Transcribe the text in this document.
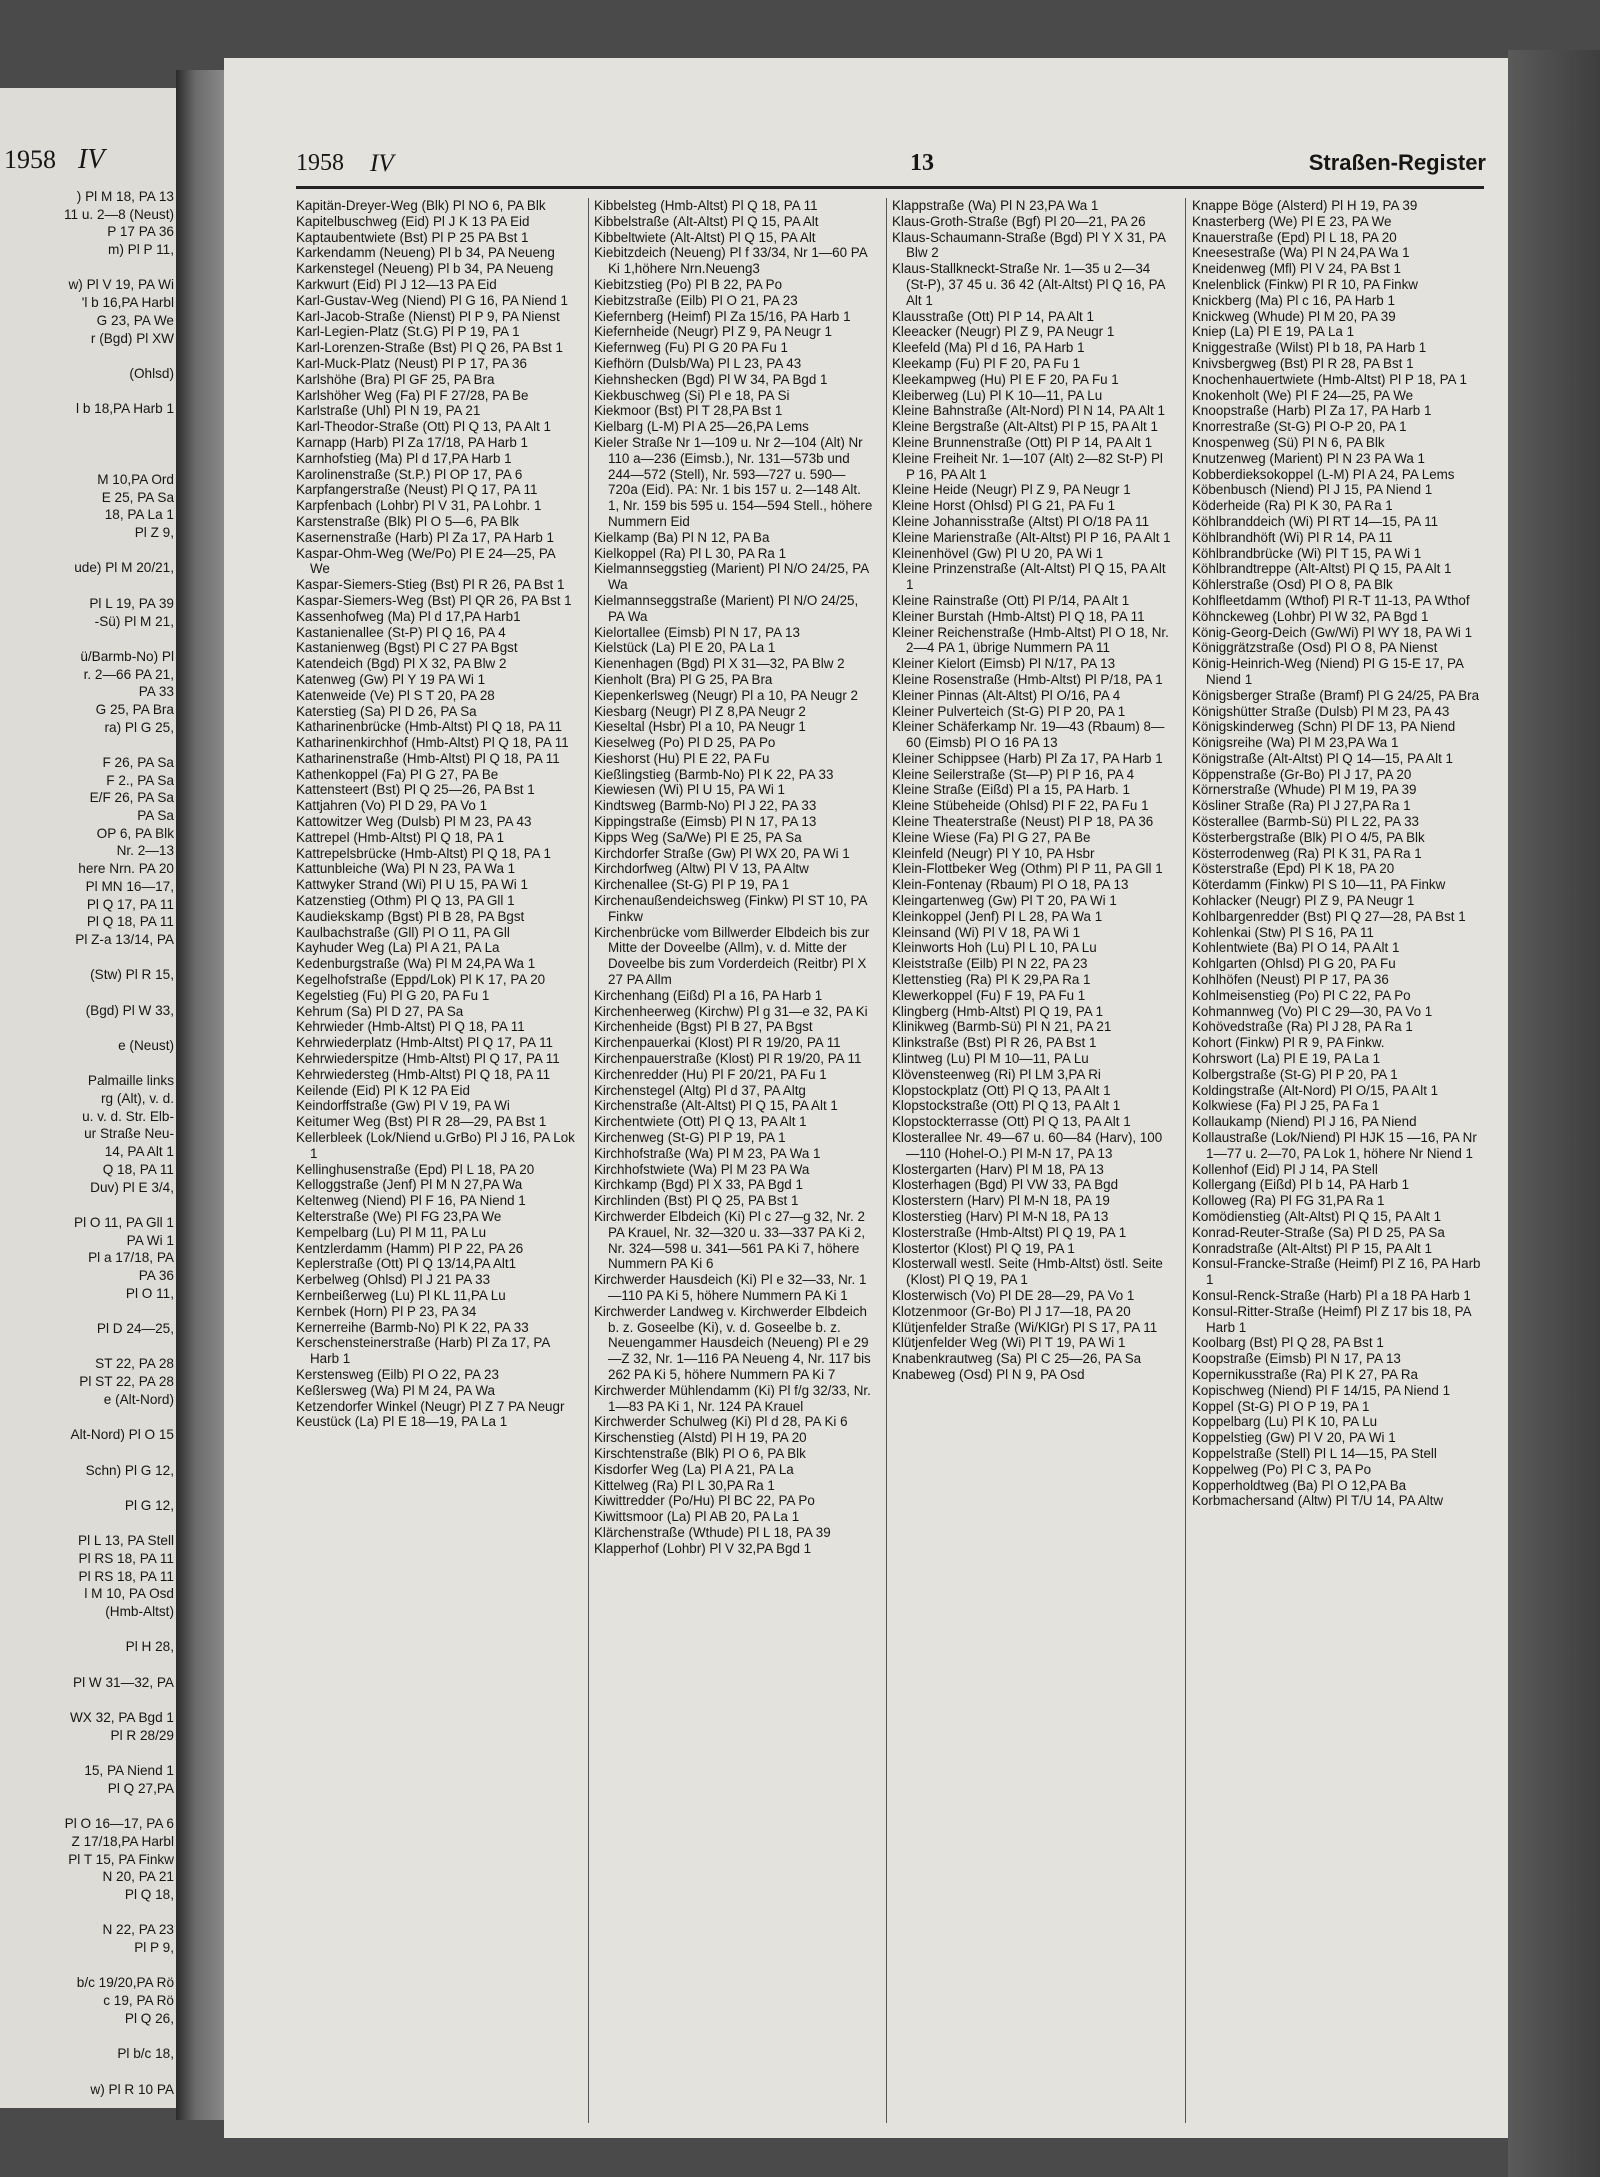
1958 IV
) Pl M 18, PA 13
11 u. 2—8 (Neust)
P 17 PA 36
m) Pl P 11,
w) Pl V 19, PA Wi
'l b 16,PA Harbl
G 23, PA We
r (Bgd) Pl XW
(Ohlsd)
l b 18,PA Harb 1
M 10,PA Ord
E 25, PA Sa
18, PA La 1
Pl Z 9,
ude) Pl M 20/21,
Pl L 19, PA 39
-Sü) Pl M 21,
ü/Barmb-No) Pl
r. 2—66 PA 21,
PA 33
G 25, PA Bra
ra) Pl G 25,
F 26, PA Sa
F 2., PA Sa
E/F 26, PA Sa
PA Sa
OP 6, PA Blk
Nr. 2—13
here Nrn. PA 20
Pl MN 16—17,
Pl Q 17, PA 11
Pl Q 18, PA 11
Pl Z-a 13/14, PA
(Stw) Pl R 15,
(Bgd) Pl W 33,
e (Neust)
Palmaille links
rg (Alt), v. d.
u. v. d. Str. Elb-
ur Straße Neu-
14, PA Alt 1
Q 18, PA 11
Duv) Pl E 3/4,
Pl O 11, PA Gll 1
PA Wi 1
Pl a 17/18, PA
PA 36
Pl O 11,
Pl D 24—25,
ST 22, PA 28
Pl ST 22, PA 28
e (Alt-Nord)
Alt-Nord) Pl O 15
Schn) Pl G 12,
Pl G 12,
Pl L 13, PA Stell
Pl RS 18, PA 11
Pl RS 18, PA 11
l M 10, PA Osd
(Hmb-Altst)
Pl H 28,
Pl W 31—32, PA
WX 32, PA Bgd 1
Pl R 28/29
15, PA Niend 1
Pl Q 27,PA
Pl O 16—17, PA 6
Z 17/18,PA Harbl
Pl T 15, PA Finkw
N 20, PA 21
Pl Q 18,
N 22, PA 23
Pl P 9,
b/c 19/20,PA Rö
c 19, PA Rö
Pl Q 26,
Pl b/c 18,
w) Pl R 10 PA
1958 IV	13	Straßen-Register

Kapitän-Dreyer-Weg (Blk) Pl NO 6, PA Blk

Kapitelbuschweg (Eid) Pl J K 13 PA Eid

Kaptaubentwiete (Bst) Pl P 25 PA Bst 1

Karkendamm (Neueng) Pl b 34, PA Neueng

Karkenstegel (Neueng) Pl b 34, PA Neueng

Karkwurt (Eid) Pl J 12—13 PA Eid

Karl-Gustav-Weg (Niend) Pl G 16, PA Niend 1

Karl-Jacob-Straße (Nienst) Pl P 9, PA Nienst

Karl-Legien-Platz (St.G) Pl P 19, PA 1

Karl-Lorenzen-Straße (Bst) Pl Q 26, PA Bst 1

Karl-Muck-Platz (Neust) Pl P 17, PA 36

Karlshöhe (Bra) Pl GF 25, PA Bra

Karlshöher Weg (Fa) Pl F 27/28, PA Be

Karlstraße (Uhl) Pl N 19, PA 21

Karl-Theodor-Straße (Ott) Pl Q 13, PA Alt 1

Karnapp (Harb) Pl Za 17/18, PA Harb 1

Karnhofstieg (Ma) Pl d 17,PA Harb 1

Karolinenstraße (St.P.) Pl OP 17, PA 6

Karpfangerstraße (Neust) Pl Q 17, PA 11

Karpfenbach (Lohbr) Pl V 31, PA Lohbr. 1

Karstenstraße (Blk) Pl O 5—6, PA Blk

Kasernenstraße (Harb) Pl Za 17, PA Harb 1

Kaspar-Ohm-Weg (We/Po) Pl E 24—25, PA We

Kaspar-Siemers-Stieg (Bst) Pl R 26, PA Bst 1

Kaspar-Siemers-Weg (Bst) Pl QR 26, PA Bst 1

Kassenhofweg (Ma) Pl d 17,PA Harb1

Kastanienallee (St-P) Pl Q 16, PA 4

Kastanienweg (Bgst) Pl C 27 PA Bgst

Katendeich (Bgd) Pl X 32, PA Blw 2

Katenweg (Gw) Pl Y 19 PA Wi 1

Katenweide (Ve) Pl S T 20, PA 28

Katerstieg (Sa) Pl D 26, PA Sa

Katharinenbrücke (Hmb-Altst) Pl Q 18, PA 11

Katharinenkirchhof (Hmb-Altst) Pl Q 18, PA 11

Katharinenstraße (Hmb-Altst) Pl Q 18, PA 11

Kathenkoppel (Fa) Pl G 27, PA Be

Kattensteert (Bst) Pl Q 25—26, PA Bst 1

Kattjahren (Vo) Pl D 29, PA Vo 1

Kattowitzer Weg (Dulsb) Pl M 23, PA 43

Kattrepel (Hmb-Altst) Pl Q 18, PA 1

Kattrepelsbrücke (Hmb-Altst) Pl Q 18, PA 1

Kattunbleiche (Wa) Pl N 23, PA Wa 1

Kattwyker Strand (Wi) Pl U 15, PA Wi 1

Katzenstieg (Othm) Pl Q 13, PA Gll 1

Kaudiekskamp (Bgst) Pl B 28, PA Bgst

Kaulbachstraße (Gll) Pl O 11, PA Gll

Kayhuder Weg (La) Pl A 21, PA La

Kedenburgstraße (Wa) Pl M 24,PA Wa 1

Kegelhofstraße (Eppd/Lok) Pl K 17, PA 20

Kegelstieg (Fu) Pl G 20, PA Fu 1

Kehrum (Sa) Pl D 27, PA Sa

Kehrwieder (Hmb-Altst) Pl Q 18, PA 11

Kehrwiederplatz (Hmb-Altst) Pl Q 17, PA 11

Kehrwiederspitze (Hmb-Altst) Pl Q 17, PA 11

Kehrwiedersteg (Hmb-Altst) Pl Q 18, PA 11

Keilende (Eid) Pl K 12 PA Eid

Keindorffstraße (Gw) Pl V 19, PA Wi

Keitumer Weg (Bst) Pl R 28—29, PA Bst 1

Kellerbleek (Lok/Niend u.GrBo) Pl J 16, PA Lok 1

Kellinghusenstraße (Epd) Pl L 18, PA 20

Kelloggstraße (Jenf) Pl M N 27,PA Wa

Keltenweg (Niend) Pl F 16, PA Niend 1

Kelterstraße (We) Pl FG 23,PA We

Kempelbarg (Lu) Pl M 11, PA Lu

Kentzlerdamm (Hamm) Pl P 22, PA 26

Keplerstraße (Ott) Pl Q 13/14,PA Alt1

Kerbelweg (Ohlsd) Pl J 21 PA 33

Kernbeißerweg (Lu) Pl KL 11,PA Lu

Kernbek (Horn) Pl P 23, PA 34

Kernerreihe (Barmb-No) Pl K 22, PA 33

Kerschensteinerstraße (Harb) Pl Za 17, PA Harb 1

Kerstensweg (Eilb) Pl O 22, PA 23

Keßlersweg (Wa) Pl M 24, PA Wa

Ketzendorfer Winkel (Neugr) Pl Z 7 PA Neugr

Keustück (La) Pl E 18—19, PA La 1

Kibbelsteg (Hmb-Altst) Pl Q 18, PA 11

Kibbelstraße (Alt-Altst) Pl Q 15, PA Alt

Kibbeltwiete (Alt-Altst) Pl Q 15, PA Alt

Kiebitzdeich (Neueng) Pl f 33/34, Nr 1—60 PA Ki 1,höhere Nrn.Neueng3

Kiebitzstieg (Po) Pl B 22, PA Po

Kiebitzstraße (Eilb) Pl O 21, PA 23

Kiefernberg (Heimf) Pl Za 15/16, PA Harb 1

Kiefernheide (Neugr) Pl Z 9, PA Neugr 1

Kiefernweg (Fu) Pl G 20 PA Fu 1

Kiefhörn (Dulsb/Wa) Pl L 23, PA 43

Kiehnshecken (Bgd) Pl W 34, PA Bgd 1

Kiekbuschweg (Si) Pl e 18, PA Si

Kiekmoor (Bst) Pl T 28,PA Bst 1

Kielbarg (L-M) Pl A 25—26,PA Lems

Kieler Straße Nr 1—109 u. Nr 2—104 (Alt) Nr 110 a—236 (Eimsb.), Nr. 131—573b und 244—572 (Stell), Nr. 593—727 u. 590—720a (Eid). PA: Nr. 1 bis 157 u. 2—148 Alt. 1, Nr. 159 bis 595 u. 154—594 Stell., höhere Nummern Eid

Kielkamp (Ba) Pl N 12, PA Ba

Kielkoppel (Ra) Pl L 30, PA Ra 1

Kielmannseggstieg (Marient) Pl N/O 24/25, PA Wa

Kielmannseggstraße (Marient) Pl N/O 24/25, PA Wa

Kielortallee (Eimsb) Pl N 17, PA 13

Kielstück (La) Pl E 20, PA La 1

Kienenhagen (Bgd) Pl X 31—32, PA Blw 2

Kienholt (Bra) Pl G 25, PA Bra

Kiepenkerlsweg (Neugr) Pl a 10, PA Neugr 2

Kiesbarg (Neugr) Pl Z 8,PA Neugr 2

Kieseltal (Hsbr) Pl a 10, PA Neugr 1

Kieselweg (Po) Pl D 25, PA Po

Kieshorst (Hu) Pl E 22, PA Fu

Kießlingstieg (Barmb-No) Pl K 22, PA 33

Kiewiesen (Wi) Pl U 15, PA Wi 1

Kindtsweg (Barmb-No) Pl J 22, PA 33

Kippingstraße (Eimsb) Pl N 17, PA 13

Kipps Weg (Sa/We) Pl E 25, PA Sa

Kirchdorfer Straße (Gw) Pl WX 20, PA Wi 1

Kirchdorfweg (Altw) Pl V 13, PA Altw

Kirchenallee (St-G) Pl P 19, PA 1

Kirchenaußendeichsweg (Finkw) Pl ST 10, PA Finkw

Kirchenbrücke vom Billwerder Elbdeich bis zur Mitte der Doveelbe (Allm), v. d. Mitte der Doveelbe bis zum Vorderdeich (Reitbr) Pl X 27 PA Allm

Kirchenhang (Eißd) Pl a 16, PA Harb 1

Kirchenheerweg (Kirchw) Pl g 31—e 32, PA Ki

Kirchenheide (Bgst) Pl B 27, PA Bgst

Kirchenpauerkai (Klost) Pl R 19/20, PA 11

Kirchenpauerstraße (Klost) Pl R 19/20, PA 11

Kirchenredder (Hu) Pl F 20/21, PA Fu 1

Kirchenstegel (Altg) Pl d 37, PA Altg

Kirchenstraße (Alt-Altst) Pl Q 15, PA Alt 1

Kirchentwiete (Ott) Pl Q 13, PA Alt 1

Kirchenweg (St-G) Pl P 19, PA 1

Kirchhofstraße (Wa) Pl M 23, PA Wa 1

Kirchhofstwiete (Wa) Pl M 23 PA Wa

Kirchkamp (Bgd) Pl X 33, PA Bgd 1

Kirchlinden (Bst) Pl Q 25, PA Bst 1

Kirchwerder Elbdeich (Ki) Pl c 27—g 32, Nr. 2 PA Krauel, Nr. 32—320 u. 33—337 PA Ki 2, Nr. 324—598 u. 341—561 PA Ki 7, höhere Nummern PA Ki 6

Kirchwerder Hausdeich (Ki) Pl e 32—33, Nr. 1—110 PA Ki 5, höhere Nummern PA Ki 1

Kirchwerder Landweg v. Kirchwerder Elbdeich b. z. Goseelbe (Ki), v. d. Goseelbe b. z. Neuengammer Hausdeich (Neueng) Pl e 29—Z 32, Nr. 1—116 PA Neueng 4, Nr. 117 bis 262 PA Ki 5, höhere Nummern PA Ki 7

Kirchwerder Mühlendamm (Ki) Pl f/g 32/33, Nr. 1—83 PA Ki 1, Nr. 124 PA Krauel

Kirchwerder Schulweg (Ki) Pl d 28, PA Ki 6

Kirschenstieg (Alstd) Pl H 19, PA 20

Kirschtenstraße (Blk) Pl O 6, PA Blk

Kisdorfer Weg (La) Pl A 21, PA La

Kittelweg (Ra) Pl L 30,PA Ra 1

Kiwittredder (Po/Hu) Pl BC 22, PA Po

Kiwittsmoor (La) Pl AB 20, PA La 1

Klärchenstraße (Wthude) Pl L 18, PA 39

Klapperhof (Lohbr) Pl V 32,PA Bgd 1

Klappstraße (Wa) Pl N 23,PA Wa 1

Klaus-Groth-Straße (Bgf) Pl 20—21, PA 26

Klaus-Schaumann-Straße (Bgd) Pl Y X 31, PA Blw 2

Klaus-Stallkneckt-Straße Nr. 1—35 u 2—34 (St-P), 37 45 u. 36 42 (Alt-Altst) Pl Q 16, PA Alt 1

Klausstraße (Ott) Pl P 14, PA Alt 1

Kleeacker (Neugr) Pl Z 9, PA Neugr 1

Kleefeld (Ma) Pl d 16, PA Harb 1

Kleekamp (Fu) Pl F 20, PA Fu 1

Kleekampweg (Hu) Pl E F 20, PA Fu 1

Kleiberweg (Lu) Pl K 10—11, PA Lu

Kleine Bahnstraße (Alt-Nord) Pl N 14, PA Alt 1

Kleine Bergstraße (Alt-Altst) Pl P 15, PA Alt 1

Kleine Brunnenstraße (Ott) Pl P 14, PA Alt 1

Kleine Freiheit Nr. 1—107 (Alt) 2—82 St-P) Pl P 16, PA Alt 1

Kleine Heide (Neugr) Pl Z 9, PA Neugr 1

Kleine Horst (Ohlsd) Pl G 21, PA Fu 1

Kleine Johannisstraße (Altst) Pl O/18 PA 11

Kleine Marienstraße (Alt-Altst) Pl P 16, PA Alt 1

Kleinenhövel (Gw) Pl U 20, PA Wi 1

Kleine Prinzenstraße (Alt-Altst) Pl Q 15, PA Alt 1

Kleine Rainstraße (Ott) Pl P/14, PA Alt 1

Kleiner Burstah (Hmb-Altst) Pl Q 18, PA 11

Kleiner Reichenstraße (Hmb-Altst) Pl O 18, Nr. 2—4 PA 1, übrige Nummern PA 11

Kleiner Kielort (Eimsb) Pl N/17, PA 13

Kleine Rosenstraße (Hmb-Altst) Pl P/18, PA 1

Kleiner Pinnas (Alt-Altst) Pl O/16, PA 4

Kleiner Pulverteich (St-G) Pl P 20, PA 1

Kleiner Schäferkamp Nr. 19—43 (Rbaum) 8—60 (Eimsb) Pl O 16 PA 13

Kleiner Schippsee (Harb) Pl Za 17, PA Harb 1

Kleine Seilerstraße (St—P) Pl P 16, PA 4

Kleine Straße (Eißd) Pl a 15, PA Harb. 1

Kleine Stübeheide (Ohlsd) Pl F 22, PA Fu 1

Kleine Theaterstraße (Neust) Pl P 18, PA 36

Kleine Wiese (Fa) Pl G 27, PA Be

Kleinfeld (Neugr) Pl Y 10, PA Hsbr

Klein-Flottbeker Weg (Othm) Pl P 11, PA Gll 1

Klein-Fontenay (Rbaum) Pl O 18, PA 13

Kleingartenweg (Gw) Pl T 20, PA Wi 1

Kleinkoppel (Jenf) Pl L 28, PA Wa 1

Kleinsand (Wi) Pl V 18, PA Wi 1

Kleinworts Hoh (Lu) Pl L 10, PA Lu

Kleiststraße (Eilb) Pl N 22, PA 23

Klettenstieg (Ra) Pl K 29,PA Ra 1

Klewerkoppel (Fu) F 19, PA Fu 1

Klingberg (Hmb-Altst) Pl Q 19, PA 1

Klinikweg (Barmb-Sü) Pl N 21, PA 21

Klinkstraße (Bst) Pl R 26, PA Bst 1

Klintweg (Lu) Pl M 10—11, PA Lu

Klövensteenweg (Ri) Pl LM 3,PA Ri

Klopstockplatz (Ott) Pl Q 13, PA Alt 1

Klopstockstraße (Ott) Pl Q 13, PA Alt 1

Klopstockterrasse (Ott) Pl Q 13, PA Alt 1

Klosterallee Nr. 49—67 u. 60—84 (Harv), 100—110 (Hohel-O.) Pl M-N 17, PA 13

Klostergarten (Harv) Pl M 18, PA 13

Klosterhagen (Bgd) Pl VW 33, PA Bgd

Klosterstern (Harv) Pl M-N 18, PA 19

Klosterstieg (Harv) Pl M-N 18, PA 13

Klosterstraße (Hmb-Altst) Pl Q 19, PA 1

Klostertor (Klost) Pl Q 19, PA 1

Klosterwall westl. Seite (Hmb-Altst) östl. Seite (Klost) Pl Q 19, PA 1

Klosterwisch (Vo) Pl DE 28—29, PA Vo 1

Klotzenmoor (Gr-Bo) Pl J 17—18, PA 20

Klütjenfelder Straße (Wi/KlGr) Pl S 17, PA 11

Klütjenfelder Weg (Wi) Pl T 19, PA Wi 1

Knabenkrautweg (Sa) Pl C 25—26, PA Sa

Knabeweg (Osd) Pl N 9, PA Osd

Knappe Böge (Alsterd) Pl H 19, PA 39

Knasterberg (We) Pl E 23, PA We

Knauerstraße (Epd) Pl L 18, PA 20

Kneesestraße (Wa) Pl N 24,PA Wa 1

Kneidenweg (Mfl) Pl V 24, PA Bst 1

Knelenblick (Finkw) Pl R 10, PA Finkw

Knickberg (Ma) Pl c 16, PA Harb 1

Knickweg (Whude) Pl M 20, PA 39

Kniep (La) Pl E 19, PA La 1

Kniggestraße (Wilst) Pl b 18, PA Harb 1

Knivsbergweg (Bst) Pl R 28, PA Bst 1

Knochenhauertwiete (Hmb-Altst) Pl P 18, PA 1

Knokenholt (We) Pl F 24—25, PA We

Knoopstraße (Harb) Pl Za 17, PA Harb 1

Knorrestraße (St-G) Pl O-P 20, PA 1

Knospenweg (Sü) Pl N 6, PA Blk

Knutzenweg (Marient) Pl N 23 PA Wa 1

Kobberdieksokoppel (L-M) Pl A 24, PA Lems

Köbenbusch (Niend) Pl J 15, PA Niend 1

Köderheide (Ra) Pl K 30, PA Ra 1

Köhlbranddeich (Wi) Pl RT 14—15, PA 11

Köhlbrandhöft (Wi) Pl R 14, PA 11

Köhlbrandbrücke (Wi) Pl T 15, PA Wi 1

Köhlbrandtreppe (Alt-Altst) Pl Q 15, PA Alt 1

Köhlerstraße (Osd) Pl O 8, PA Blk

Kohlfleetdamm (Wthof) Pl R-T 11-13, PA Wthof

Köhnckeweg (Lohbr) Pl W 32, PA Bgd 1

König-Georg-Deich (Gw/Wi) Pl WY 18, PA Wi 1

Königgrätzstraße (Osd) Pl O 8, PA Nienst

König-Heinrich-Weg (Niend) Pl G 15-E 17, PA Niend 1

Königsberger Straße (Bramf) Pl G 24/25, PA Bra

Königshütter Straße (Dulsb) Pl M 23, PA 43

Königskinderweg (Schn) Pl DF 13, PA Niend

Königsreihe (Wa) Pl M 23,PA Wa 1

Königstraße (Alt-Altst) Pl Q 14—15, PA Alt 1

Köppenstraße (Gr-Bo) Pl J 17, PA 20

Körnerstraße (Whude) Pl M 19, PA 39

Kösliner Straße (Ra) Pl J 27,PA Ra 1

Kösterallee (Barmb-Sü) Pl L 22, PA 33

Kösterbergstraße (Blk) Pl O 4/5, PA Blk

Kösterrodenweg (Ra) Pl K 31, PA Ra 1

Kösterstraße (Epd) Pl K 18, PA 20

Köterdamm (Finkw) Pl S 10—11, PA Finkw

Kohlacker (Neugr) Pl Z 9, PA Neugr 1

Kohlbargenredder (Bst) Pl Q 27—28, PA Bst 1

Kohlenkai (Stw) Pl S 16, PA 11

Kohlentwiete (Ba) Pl O 14, PA Alt 1

Kohlgarten (Ohlsd) Pl G 20, PA Fu

Kohlhöfen (Neust) Pl P 17, PA 36

Kohlmeisenstieg (Po) Pl C 22, PA Po

Kohmannweg (Vo) Pl C 29—30, PA Vo 1

Kohövedstraße (Ra) Pl J 28, PA Ra 1

Kohort (Finkw) Pl R 9, PA Finkw.

Kohrswort (La) Pl E 19, PA La 1

Kolbergstraße (St-G) Pl P 20, PA 1

Koldingstraße (Alt-Nord) Pl O/15, PA Alt 1

Kolkwiese (Fa) Pl J 25, PA Fa 1

Kollaukamp (Niend) Pl J 16, PA Niend

Kollaustraße (Lok/Niend) Pl HJK 15 —16, PA Nr 1—77 u. 2—70, PA Lok 1, höhere Nr Niend 1

Kollenhof (Eid) Pl J 14, PA Stell

Kollergang (Eißd) Pl b 14, PA Harb 1

Kolloweg (Ra) Pl FG 31,PA Ra 1

Komödienstieg (Alt-Altst) Pl Q 15, PA Alt 1

Konrad-Reuter-Straße (Sa) Pl D 25, PA Sa

Konradstraße (Alt-Altst) Pl P 15, PA Alt 1

Konsul-Francke-Straße (Heimf) Pl Z 16, PA Harb 1

Konsul-Renck-Straße (Harb) Pl a 18 PA Harb 1

Konsul-Ritter-Straße (Heimf) Pl Z 17 bis 18, PA Harb 1

Koolbarg (Bst) Pl Q 28, PA Bst 1

Koopstraße (Eimsb) Pl N 17, PA 13

Kopernikusstraße (Ra) Pl K 27, PA Ra

Kopischweg (Niend) Pl F 14/15, PA Niend 1

Koppel (St-G) Pl O P 19, PA 1

Koppelbarg (Lu) Pl K 10, PA Lu

Koppelstieg (Gw) Pl V 20, PA Wi 1

Koppelstraße (Stell) Pl L 14—15, PA Stell

Koppelweg (Po) Pl C 3, PA Po

Kopperholdtweg (Ba) Pl O 12,PA Ba

Korbmachersand (Altw) Pl T/U 14, PA Altw
